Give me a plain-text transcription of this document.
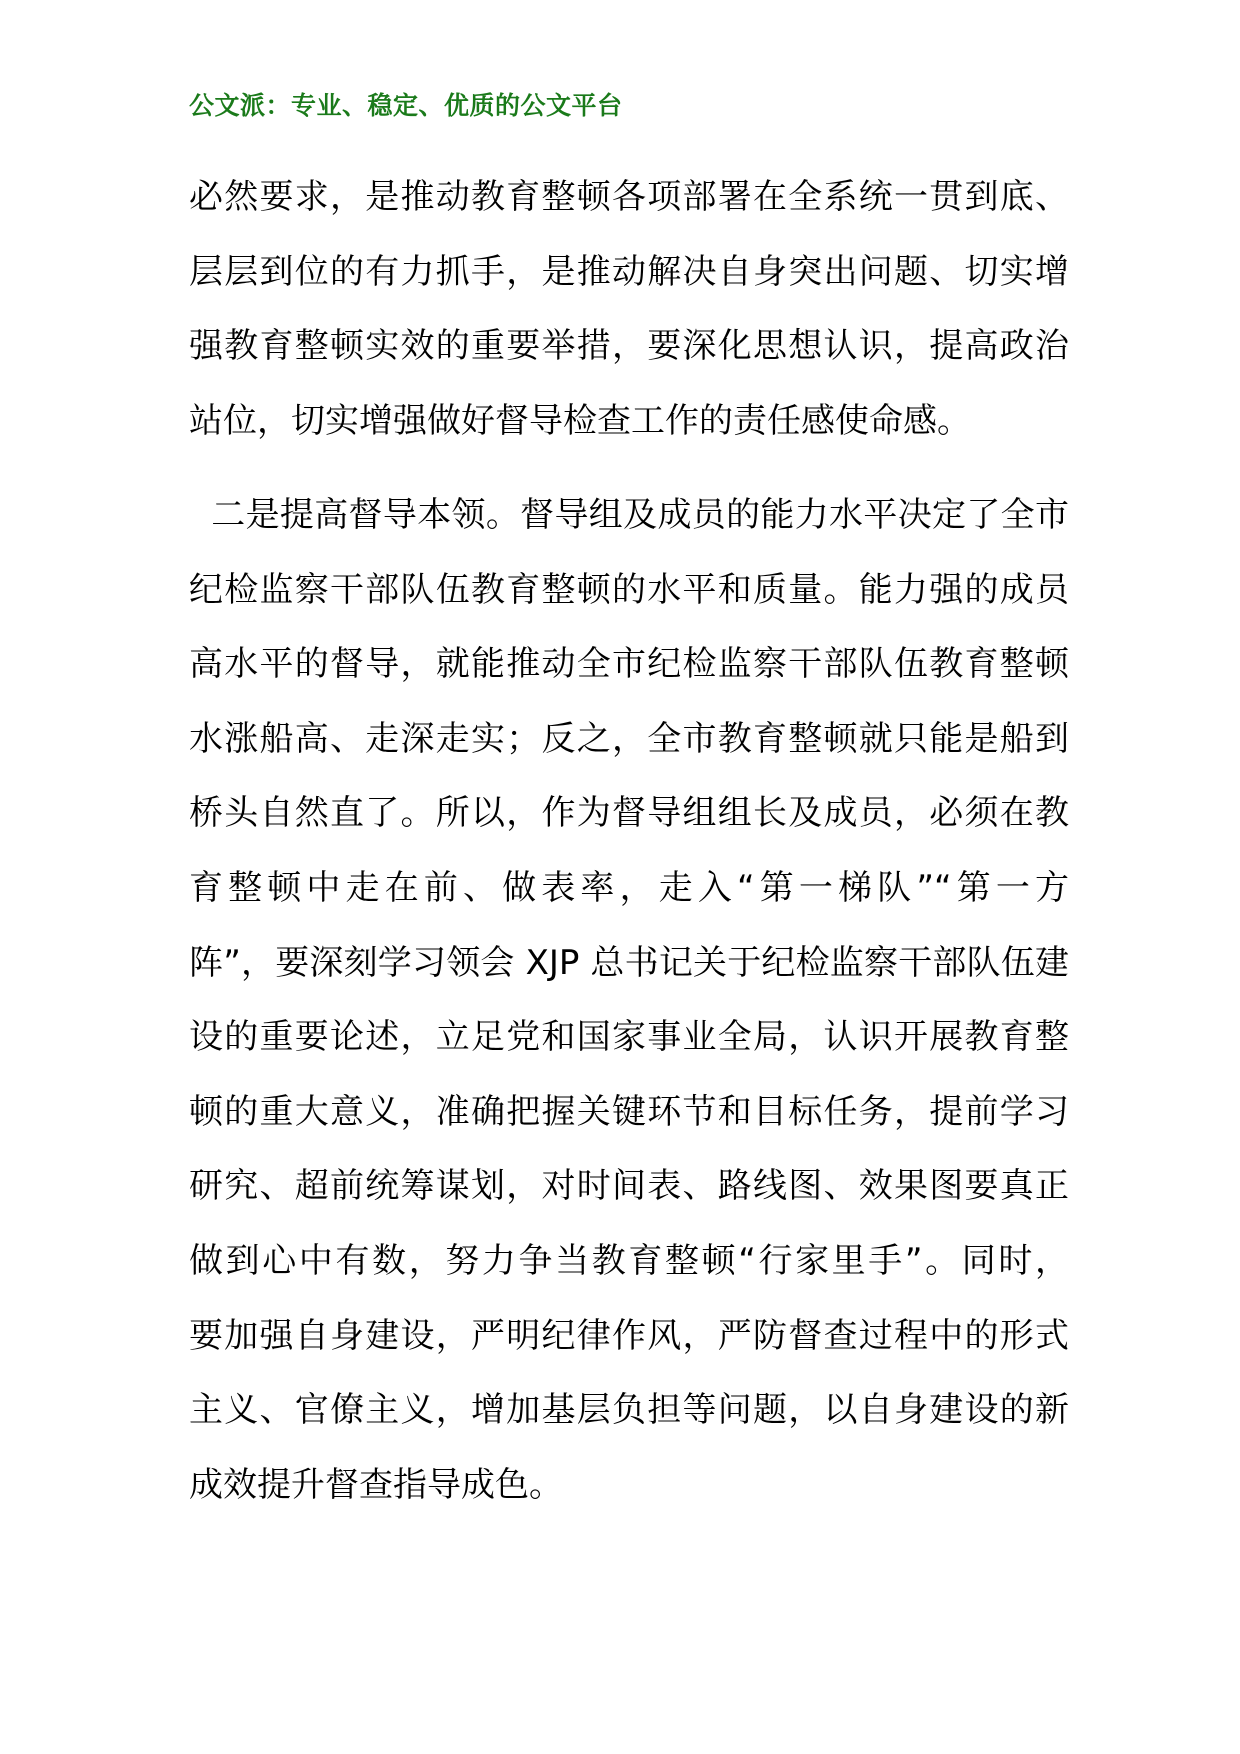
公文派：专业、稳定、优质的公文平台

必然要求，是推动教育整顿各项部署在全系统一贯到底、
层层到位的有力抓手，是推动解决自身突出问题、切实增
强教育整顿实效的重要举措，要深化思想认识，提高政治
站位，切实增强做好督导检查工作的责任感使命感。

二是提高督导本领。督导组及成员的能力水平决定了全市
纪检监察干部队伍教育整顿的水平和质量。能力强的成员
高水平的督导，就能推动全市纪检监察干部队伍教育整顿
水涨船高、走深走实；反之，全市教育整顿就只能是船到
桥头自然直了。所以，作为督导组组长及成员，必须在教
育整顿中走在前、做表率，走入“第一梯队”“第一方
阵”，要深刻学习领会 XJP 总书记关于纪检监察干部队伍建
设的重要论述，立足党和国家事业全局，认识开展教育整
顿的重大意义，准确把握关键环节和目标任务，提前学习
研究、超前统筹谋划，对时间表、路线图、效果图要真正
做到心中有数，努力争当教育整顿“行家里手”。同时，
要加强自身建设，严明纪律作风，严防督查过程中的形式
主义、官僚主义，增加基层负担等问题，以自身建设的新
成效提升督查指导成色。
